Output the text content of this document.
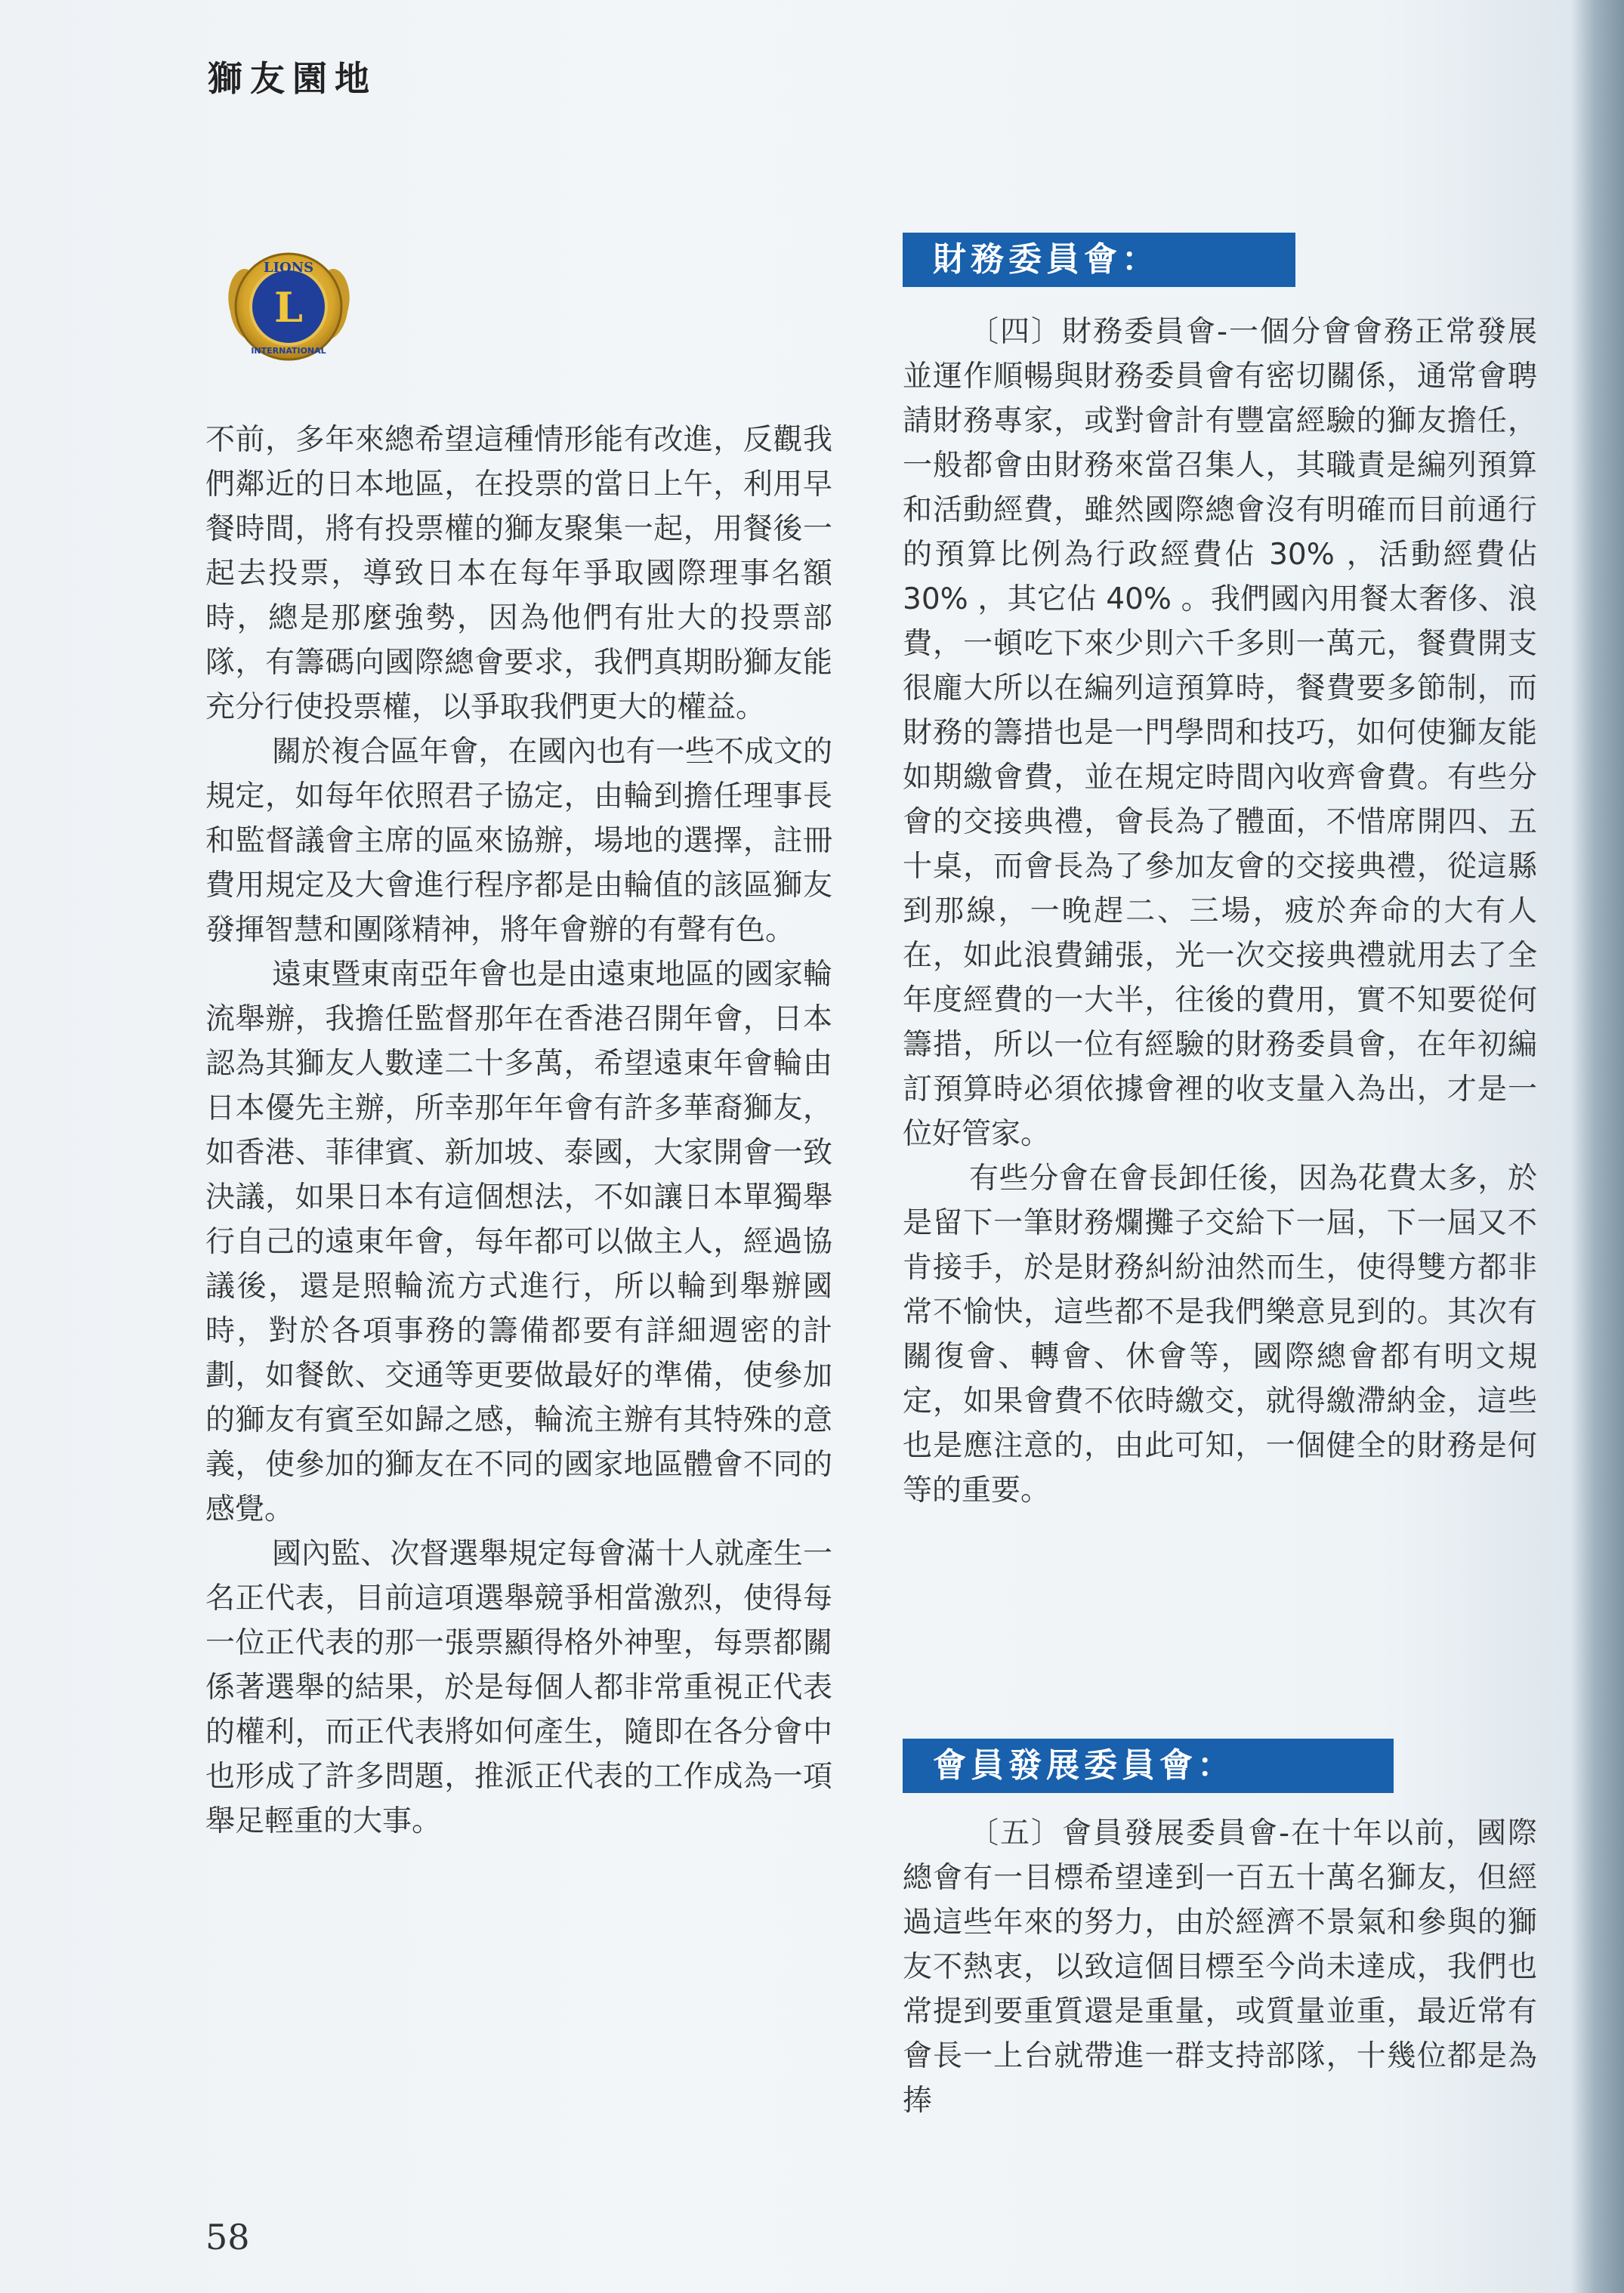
獅友園地
LIONS
L
INTERNATIONAL

不前，多年來總希望這種情形能有改進，反觀我們鄰近的日本地區，在投票的當日上午，利用早餐時間，將有投票權的獅友聚集一起，用餐後一起去投票，導致日本在每年爭取國際理事名額時，總是那麼強勢，因為他們有壯大的投票部隊，有籌碼向國際總會要求，我們真期盼獅友能充分行使投票權，以爭取我們更大的權益。

關於複合區年會，在國內也有一些不成文的規定，如每年依照君子協定，由輪到擔任理事長和監督議會主席的區來協辦，場地的選擇，註冊費用規定及大會進行程序都是由輪值的該區獅友發揮智慧和團隊精神，將年會辦的有聲有色。

遠東暨東南亞年會也是由遠東地區的國家輪流舉辦，我擔任監督那年在香港召開年會，日本認為其獅友人數達二十多萬，希望遠東年會輪由日本優先主辦，所幸那年年會有許多華裔獅友，如香港、菲律賓、新加坡、泰國，大家開會一致決議，如果日本有這個想法，不如讓日本單獨舉行自己的遠東年會，每年都可以做主人，經過協議後，還是照輪流方式進行，所以輪到舉辦國時，對於各項事務的籌備都要有詳細週密的計劃，如餐飲、交通等更要做最好的準備，使參加的獅友有賓至如歸之感，輪流主辦有其特殊的意義，使參加的獅友在不同的國家地區體會不同的感覺。

國內監、次督選舉規定每會滿十人就產生一名正代表，目前這項選舉競爭相當激烈，使得每一位正代表的那一張票顯得格外神聖，每票都關係著選舉的結果，於是每個人都非常重視正代表的權利，而正代表將如何產生，隨即在各分會中也形成了許多問題，推派正代表的工作成為一項舉足輕重的大事。

財務委員會：

〔四〕財務委員會-一個分會會務正常發展並運作順暢與財務委員會有密切關係，通常會聘請財務專家，或對會計有豐富經驗的獅友擔任，一般都會由財務來當召集人，其職責是編列預算和活動經費，雖然國際總會沒有明確而目前通行的預算比例為行政經費佔 30% ，活動經費佔 30% ，其它佔 40% 。我們國內用餐太奢侈、浪費，一頓吃下來少則六千多則一萬元，餐費開支很龐大所以在編列這預算時，餐費要多節制，而財務的籌措也是一門學問和技巧，如何使獅友能如期繳會費，並在規定時間內收齊會費。有些分會的交接典禮，會長為了體面，不惜席開四、五十桌，而會長為了參加友會的交接典禮，從這縣到那線，一晚趕二、三場，疲於奔命的大有人在，如此浪費鋪張，光一次交接典禮就用去了全年度經費的一大半，往後的費用，實不知要從何籌措，所以一位有經驗的財務委員會，在年初編訂預算時必須依據會裡的收支量入為出，才是一位好管家。

有些分會在會長卸任後，因為花費太多，於是留下一筆財務爛攤子交給下一屆，下一屆又不肯接手，於是財務糾紛油然而生，使得雙方都非常不愉快，這些都不是我們樂意見到的。其次有關復會、轉會、休會等，國際總會都有明文規定，如果會費不依時繳交，就得繳滯納金，這些也是應注意的，由此可知，一個健全的財務是何等的重要。

會員發展委員會：

〔五〕會員發展委員會-在十年以前，國際總會有一目標希望達到一百五十萬名獅友，但經過這些年來的努力，由於經濟不景氣和參與的獅友不熱衷，以致這個目標至今尚未達成，我們也常提到要重質還是重量，或質量並重，最近常有會長一上台就帶進一群支持部隊，十幾位都是為捧

58
